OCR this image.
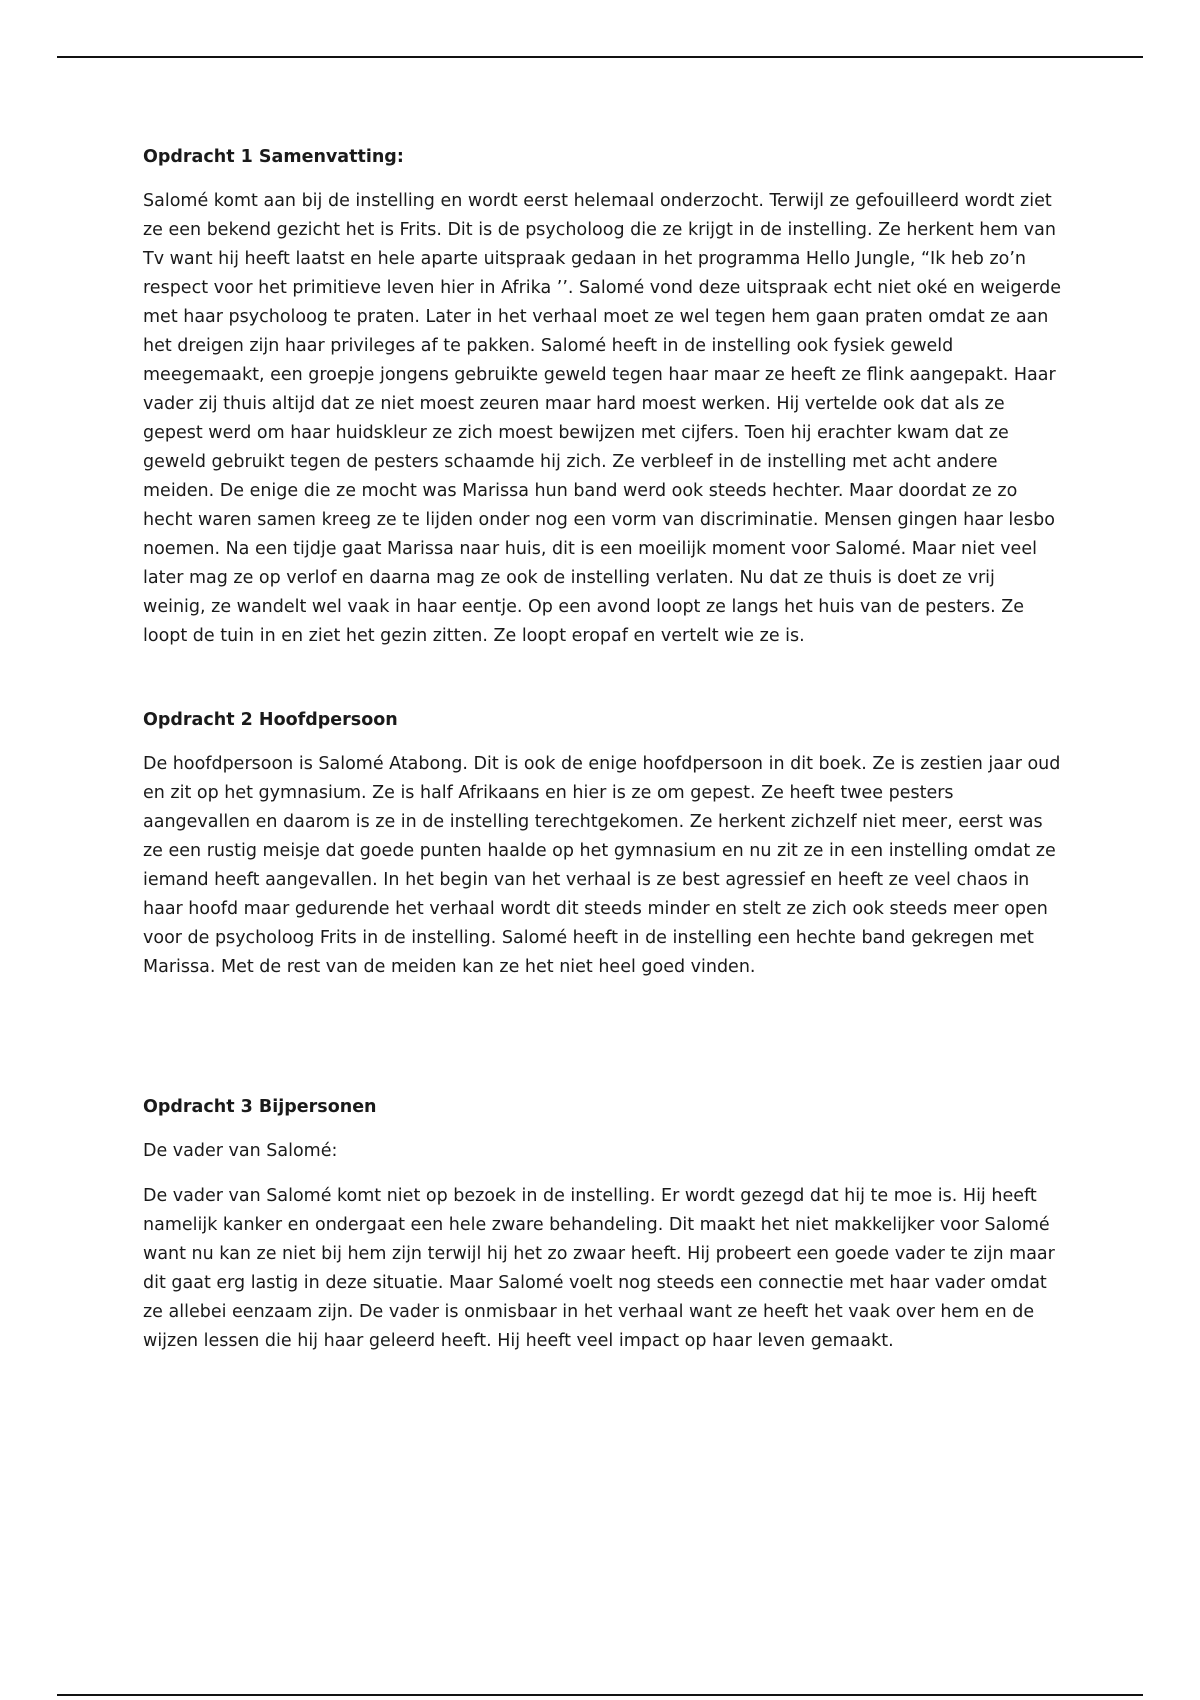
Opdracht 1 Samenvatting:

Salomé komt aan bij de instelling en wordt eerst helemaal onderzocht. Terwijl ze gefouilleerd wordt ziet ze een bekend gezicht het is Frits. Dit is de psycholoog die ze krijgt in de instelling. Ze herkent hem van Tv want hij heeft laatst en hele aparte uitspraak gedaan in het programma Hello Jungle, “Ik heb zo’n respect voor het primitieve leven hier in Afrika ’’. Salomé vond deze uitspraak echt niet oké en weigerde met haar psycholoog te praten. Later in het verhaal moet ze wel tegen hem gaan praten omdat ze aan het dreigen zijn haar privileges af te pakken. Salomé heeft in de instelling ook fysiek geweld meegemaakt, een groepje jongens gebruikte geweld tegen haar maar ze heeft ze flink aangepakt. Haar vader zij thuis altijd dat ze niet moest zeuren maar hard moest werken. Hij vertelde ook dat als ze gepest werd om haar huidskleur ze zich moest bewijzen met cijfers. Toen hij erachter kwam dat ze geweld gebruikt tegen de pesters schaamde hij zich. Ze verbleef in de instelling met acht andere meiden. De enige die ze mocht was Marissa hun band werd ook steeds hechter. Maar doordat ze zo hecht waren samen kreeg ze te lijden onder nog een vorm van discriminatie. Mensen gingen haar lesbo noemen. Na een tijdje gaat Marissa naar huis, dit is een moeilijk moment voor Salomé. Maar niet veel later mag ze op verlof en daarna mag ze ook de instelling verlaten. Nu dat ze thuis is doet ze vrij weinig, ze wandelt wel vaak in haar eentje. Op een avond loopt ze langs het huis van de pesters. Ze loopt de tuin in en ziet het gezin zitten. Ze loopt eropaf en vertelt wie ze is.

Opdracht 2 Hoofdpersoon

De hoofdpersoon is Salomé Atabong. Dit is ook de enige hoofdpersoon in dit boek. Ze is zestien jaar oud en zit op het gymnasium. Ze is half Afrikaans en hier is ze om gepest. Ze heeft twee pesters aangevallen en daarom is ze in de instelling terechtgekomen. Ze herkent zichzelf niet meer, eerst was ze een rustig meisje dat goede punten haalde op het gymnasium en nu zit ze in een instelling omdat ze iemand heeft aangevallen. In het begin van het verhaal is ze best agressief en heeft ze veel chaos in haar hoofd maar gedurende het verhaal wordt dit steeds minder en stelt ze zich ook steeds meer open voor de psycholoog Frits in de instelling. Salomé heeft in de instelling een hechte band gekregen met Marissa. Met de rest van de meiden kan ze het niet heel goed vinden.

Opdracht 3 Bijpersonen

De vader van Salomé:

De vader van Salomé komt niet op bezoek in de instelling. Er wordt gezegd dat hij te moe is. Hij heeft namelijk kanker en ondergaat een hele zware behandeling. Dit maakt het niet makkelijker voor Salomé want nu kan ze niet bij hem zijn terwijl hij het zo zwaar heeft. Hij probeert een goede vader te zijn maar dit gaat erg lastig in deze situatie. Maar Salomé voelt nog steeds een connectie met haar vader omdat ze allebei eenzaam zijn. De vader is onmisbaar in het verhaal want ze heeft het vaak over hem en de wijzen lessen die hij haar geleerd heeft. Hij heeft veel impact op haar leven gemaakt.
